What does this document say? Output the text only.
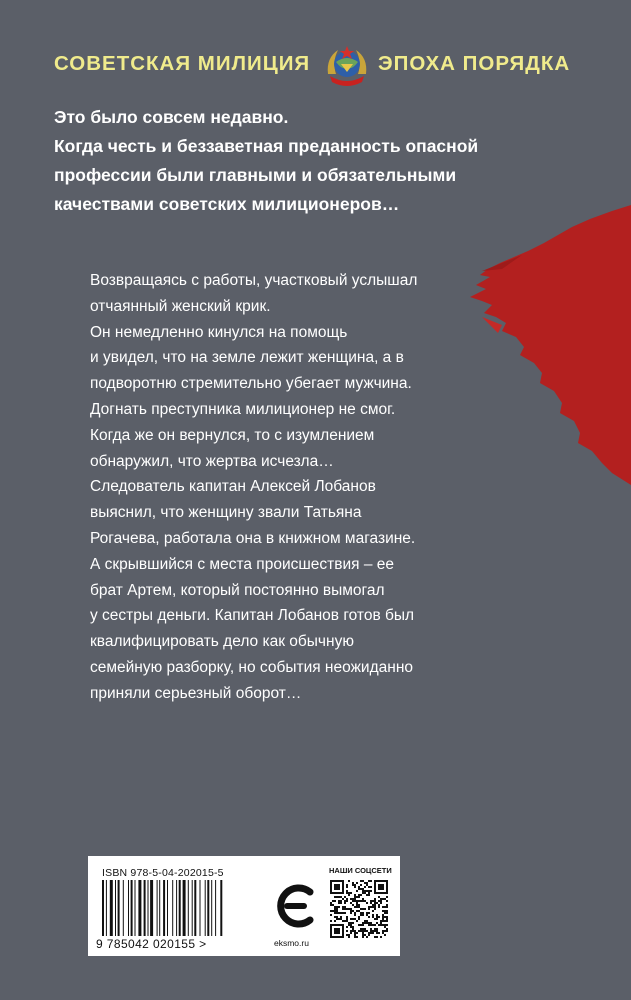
СОВЕТСКАЯ МИЛИЦИЯ	ЭПОХА ПОРЯДКА
Это было совсем недавно.
Когда честь и беззаветная преданность опасной
профессии были главными и обязательными
качествами советских милиционеров…
Возвращаясь с работы, участковый услышал
отчаянный женский крик.
Он немедленно кинулся на помощь
и увидел, что на земле лежит женщина, а в
подворотню стремительно убегает мужчина.
Догнать преступника милиционер не смог.
Когда же он вернулся, то с изумлением
обнаружил, что жертва исчезла…
Следователь капитан Алексей Лобанов
выяснил, что женщину звали Татьяна
Рогачева, работала она в книжном магазине.
А скрывшийся с места происшествия – ее
брат Артем, который постоянно вымогал
у сестры деньги. Капитан Лобанов готов был
квалифицировать дело как обычную
семейную разборку, но события неожиданно
приняли серьезный оборот…
ISBN 978-5-04-202015-5
9 785042 020155 >	eksmo.ru
НАШИ СОЦСЕТИ
